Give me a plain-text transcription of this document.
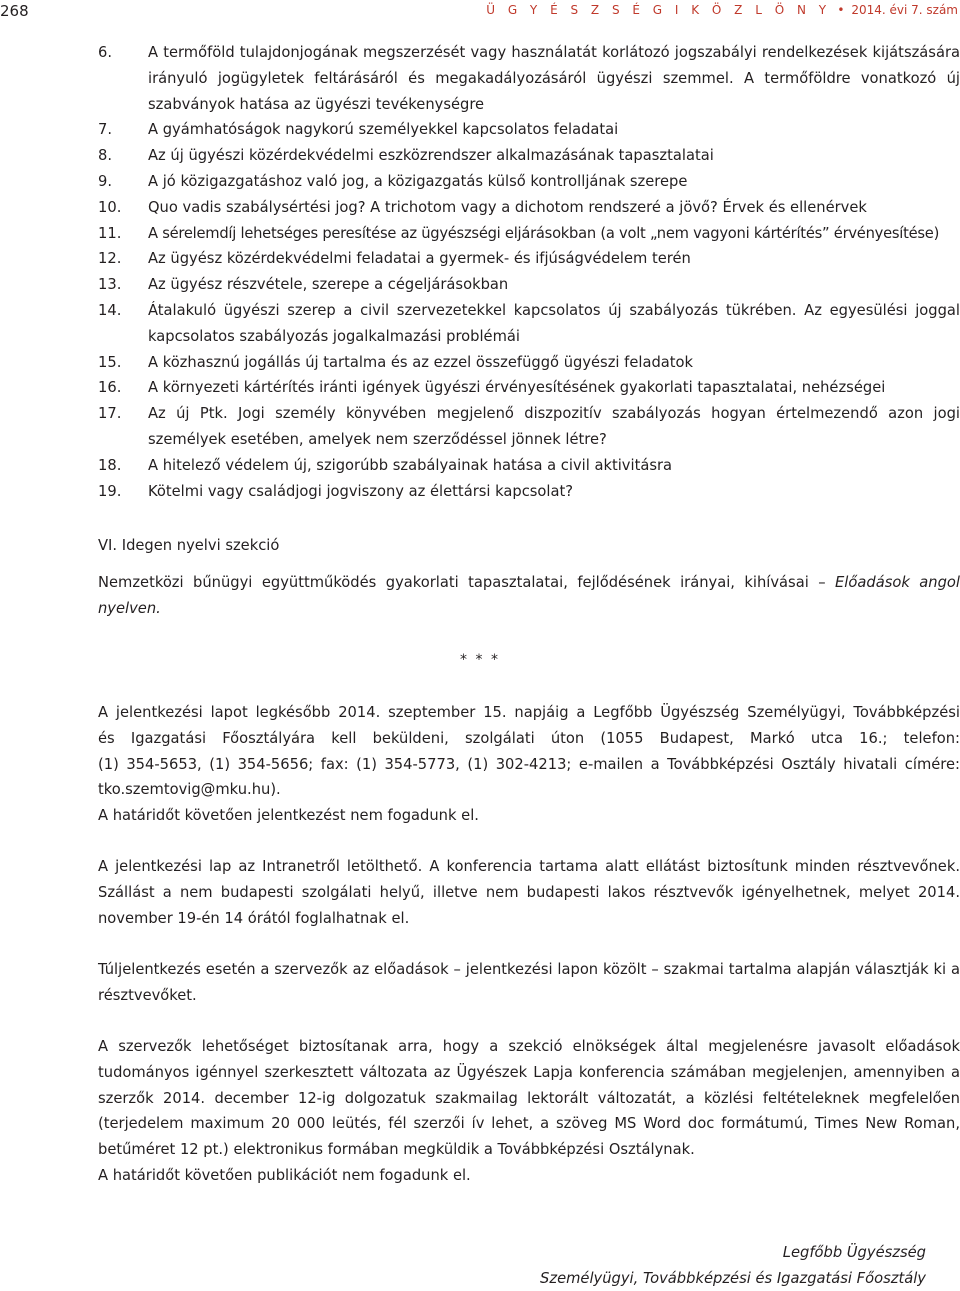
268	Ü G Y É S Z S É G I K Ö Z L Ö N Y • 2014. évi 7. szám
6. A termőföld tulajdonjogának megszerzését vagy használatát korlátozó jogszabályi rendelkezések kijátszására irányuló jogügyletek feltárásáról és megakadályozásáról ügyészi szemmel. A termőföldre vonatkozó új szabványok hatása az ügyészi tevékenységre
7. A gyámhatóságok nagykorú személyekkel kapcsolatos feladatai
8. Az új ügyészi közérdekvédelmi eszközrendszer alkalmazásának tapasztalatai
9. A jó közigazgatáshoz való jog, a közigazgatás külső kontrolljának szerepe
10. Quo vadis szabálysértési jog? A trichotom vagy a dichotom rendszeré a jövő? Érvek és ellenérvek
11. A sérelemdíj lehetséges peresítése az ügyészségi eljárásokban (a volt „nem vagyoni kártérítés” érvényesítése)
12. Az ügyész közérdekvédelmi feladatai a gyermek- és ifjúságvédelem terén
13. Az ügyész részvétele, szerepe a cégeljárásokban
14. Átalakuló ügyészi szerep a civil szervezetekkel kapcsolatos új szabályozás tükrében. Az egyesülési joggal kapcsolatos szabályozás jogalkalmazási problémái
15. A közhasznú jogállás új tartalma és az ezzel összefüggő ügyészi feladatok
16. A környezeti kártérítés iránti igények ügyészi érvényesítésének gyakorlati tapasztalatai, nehézségei
17. Az új Ptk. Jogi személy könyvében megjelenő diszpozitív szabályozás hogyan értelmezendő azon jogi személyek esetében, amelyek nem szerződéssel jönnek létre?
18. A hitelező védelem új, szigorúbb szabályainak hatása a civil aktivitásra
19. Kötelmi vagy családjogi jogviszony az élettársi kapcsolat?
VI. Idegen nyelvi szekció
Nemzetközi bűnügyi együttműködés gyakorlati tapasztalatai, fejlődésének irányai, kihívásai – Előadások angol nyelven.
* * *
A jelentkezési lapot legkésőbb 2014. szeptember 15. napjáig a Legfőbb Ügyészség Személyügyi, Továbbképzési
és Igazgatási Főosztályára kell beküldeni, szolgálati úton (1055 Budapest, Markó utca 16.; telefon:
(1) 354-5653, (1) 354-5656; fax: (1) 354-5773, (1) 302-4213; e-mailen a Továbbképzési Osztály hivatali címére:
tko.szemtovig@mku.hu).
A határidőt követően jelentkezést nem fogadunk el.
A jelentkezési lap az Intranetről letölthető. A konferencia tartama alatt ellátást biztosítunk minden résztvevőnek. Szállást a nem budapesti szolgálati helyű, illetve nem budapesti lakos résztvevők igényelhetnek, melyet 2014. november 19-én 14 órától foglalhatnak el.
Túljelentkezés esetén a szervezők az előadások – jelentkezési lapon közölt – szakmai tartalma alapján választják ki a résztvevőket.
A szervezők lehetőséget biztosítanak arra, hogy a szekció elnökségek által megjelenésre javasolt előadások tudományos igénnyel szerkesztett változata az Ügyészek Lapja konferencia számában megjelenjen, amennyiben a szerzők 2014. december 12-ig dolgozatuk szakmailag lektorált változatát, a közlési feltételeknek megfelelően (terjedelem maximum 20 000 leütés, fél szerzői ív lehet, a szöveg MS Word doc formátumú, Times New Roman, betűméret 12 pt.) elektronikus formában megküldik a Továbbképzési Osztálynak.
A határidőt követően publikációt nem fogadunk el.
Legfőbb Ügyészség
Személyügyi, Továbbképzési és Igazgatási Főosztály
